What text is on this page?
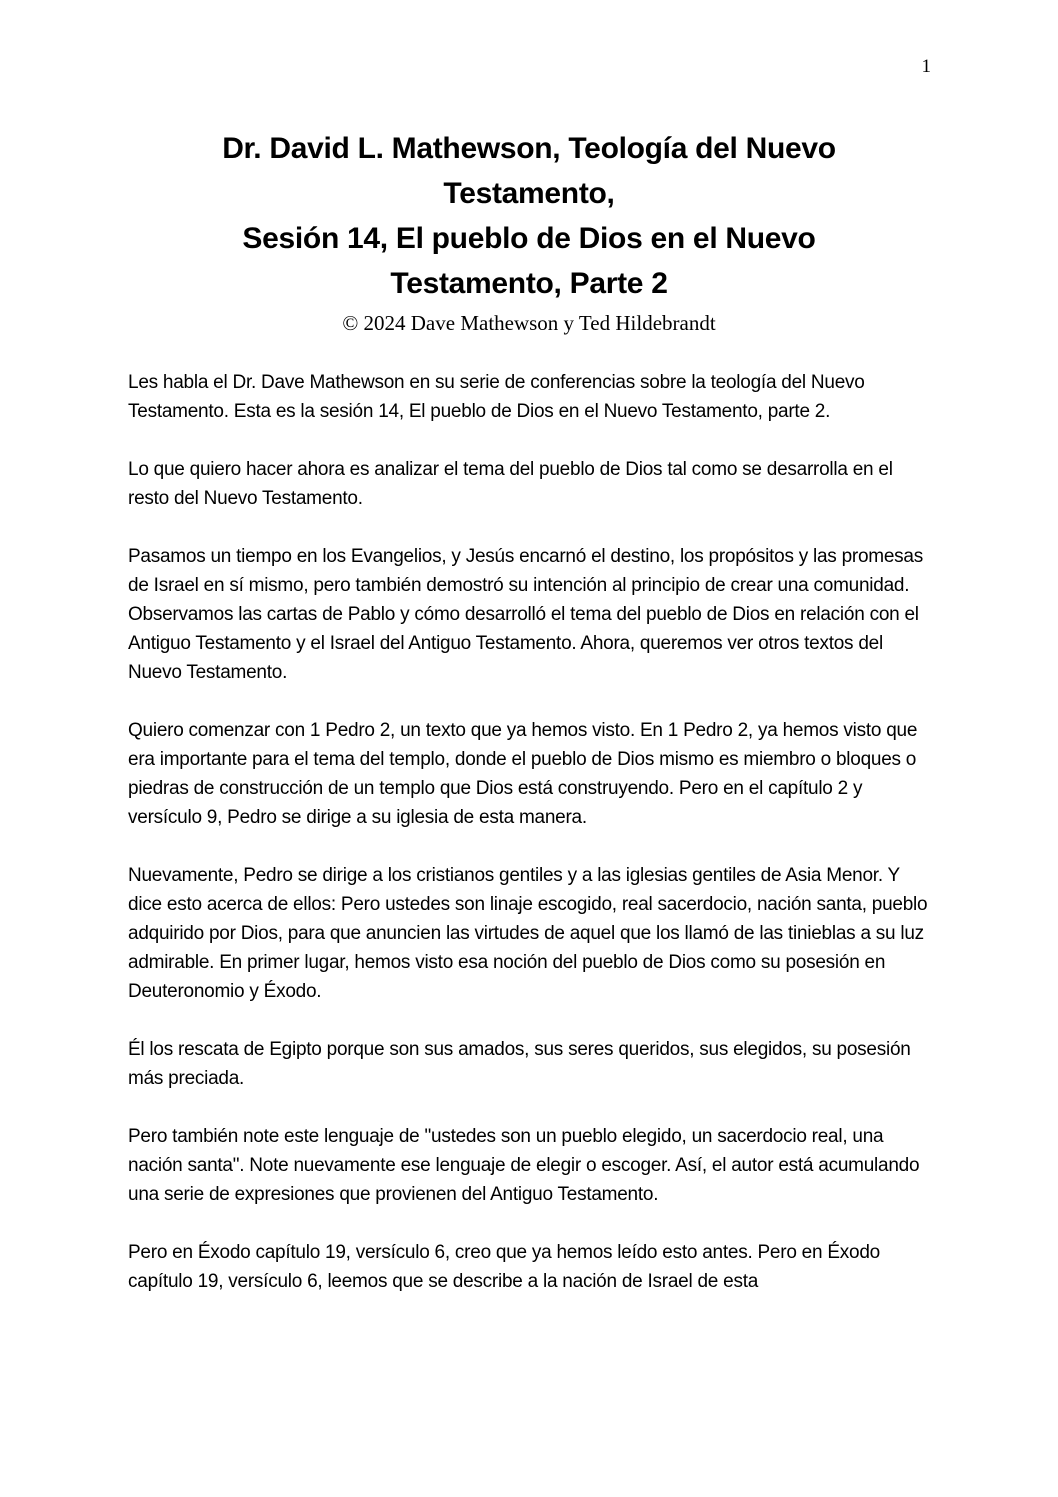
1
Dr. David L. Mathewson, Teología del Nuevo
Testamento,
Sesión 14, El pueblo de Dios en el Nuevo
Testamento, Parte 2
© 2024 Dave Mathewson y Ted Hildebrandt

Les habla el Dr. Dave Mathewson en su serie de conferencias sobre la teología del Nuevo Testamento. Esta es la sesión 14, El pueblo de Dios en el Nuevo Testamento, parte 2.

Lo que quiero hacer ahora es analizar el tema del pueblo de Dios tal como se desarrolla en el resto del Nuevo Testamento.

Pasamos un tiempo en los Evangelios, y Jesús encarnó el destino, los propósitos y las promesas de Israel en sí mismo, pero también demostró su intención al principio de crear una comunidad. Observamos las cartas de Pablo y cómo desarrolló el tema del pueblo de Dios en relación con el Antiguo Testamento y el Israel del Antiguo Testamento. Ahora, queremos ver otros textos del Nuevo Testamento.

Quiero comenzar con 1 Pedro 2, un texto que ya hemos visto. En 1 Pedro 2, ya hemos visto que era importante para el tema del templo, donde el pueblo de Dios mismo es miembro o bloques o piedras de construcción de un templo que Dios está construyendo. Pero en el capítulo 2 y versículo 9, Pedro se dirige a su iglesia de esta manera.

Nuevamente, Pedro se dirige a los cristianos gentiles y a las iglesias gentiles de Asia Menor. Y dice esto acerca de ellos: Pero ustedes son linaje escogido, real sacerdocio, nación santa, pueblo adquirido por Dios, para que anuncien las virtudes de aquel que los llamó de las tinieblas a su luz admirable. En primer lugar, hemos visto esa noción del pueblo de Dios como su posesión en Deuteronomio y Éxodo.

Él los rescata de Egipto porque son sus amados, sus seres queridos, sus elegidos, su posesión más preciada.

Pero también note este lenguaje de "ustedes son un pueblo elegido, un sacerdocio real, una nación santa". Note nuevamente ese lenguaje de elegir o escoger. Así, el autor está acumulando una serie de expresiones que provienen del Antiguo Testamento.

Pero en Éxodo capítulo 19, versículo 6, creo que ya hemos leído esto antes. Pero en Éxodo capítulo 19, versículo 6, leemos que se describe a la nación de Israel de esta
